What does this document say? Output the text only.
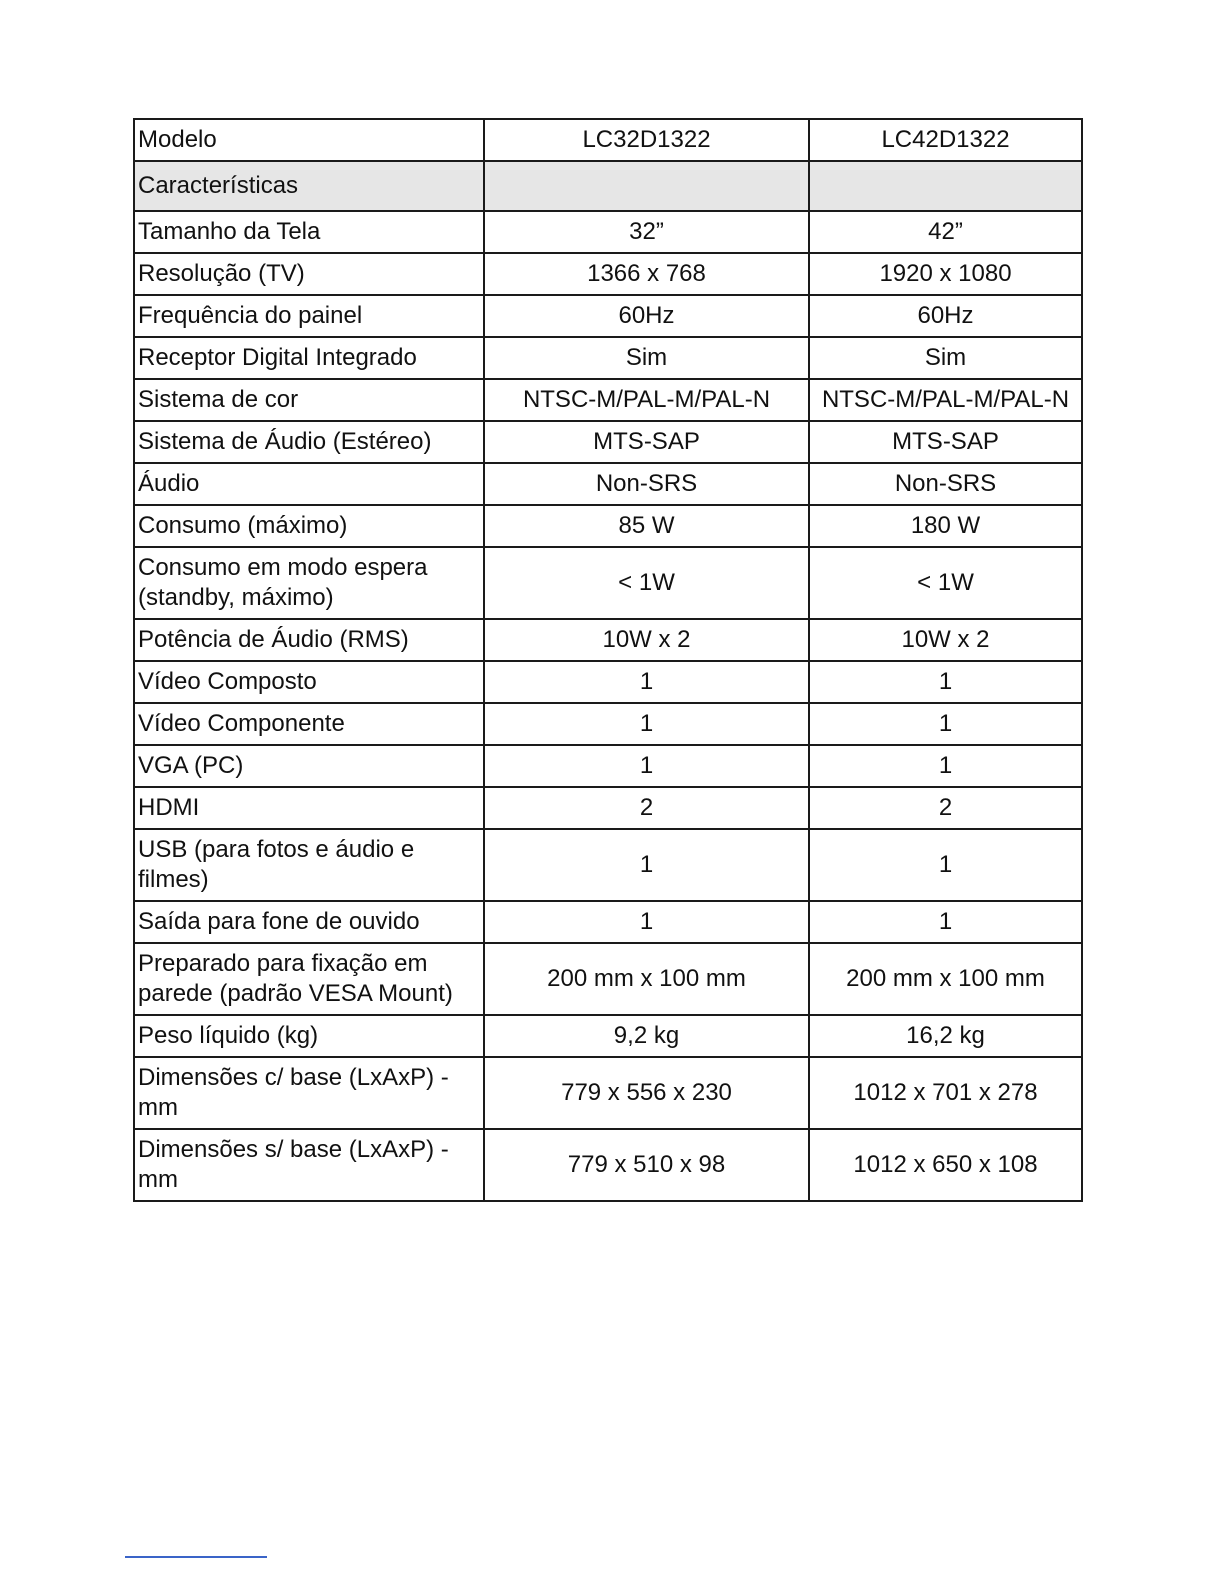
Modelo	LC32D1322	LC42D1322
Características		
Tamanho da Tela	32”	42”
Resolução (TV)	1366 x 768	1920 x 1080
Frequência do painel	60Hz	60Hz
Receptor Digital Integrado	Sim	Sim
Sistema de cor	NTSC-M/PAL-M/PAL-N	NTSC-M/PAL-M/PAL-N
Sistema de Áudio (Estéreo)	MTS-SAP	MTS-SAP
Áudio	Non-SRS	Non-SRS
Consumo (máximo)	85 W	180 W
Consumo em modo espera (standby, máximo)	< 1W	< 1W
Potência de Áudio (RMS)	10W x 2	10W x 2
Vídeo Composto	1	1
Vídeo Componente	1	1
VGA (PC)	1	1
HDMI	2	2
USB (para fotos e áudio e filmes)	1	1
Saída para fone de ouvido	1	1
Preparado para fixação em parede (padrão VESA Mount)	200 mm x 100 mm	200 mm x 100 mm
Peso líquido (kg)	9,2 kg	16,2 kg
Dimensões c/ base (LxAxP) -mm	779 x 556 x 230	1012 x 701 x 278
Dimensões s/ base (LxAxP) -mm	779 x 510 x 98	1012 x 650 x 108
